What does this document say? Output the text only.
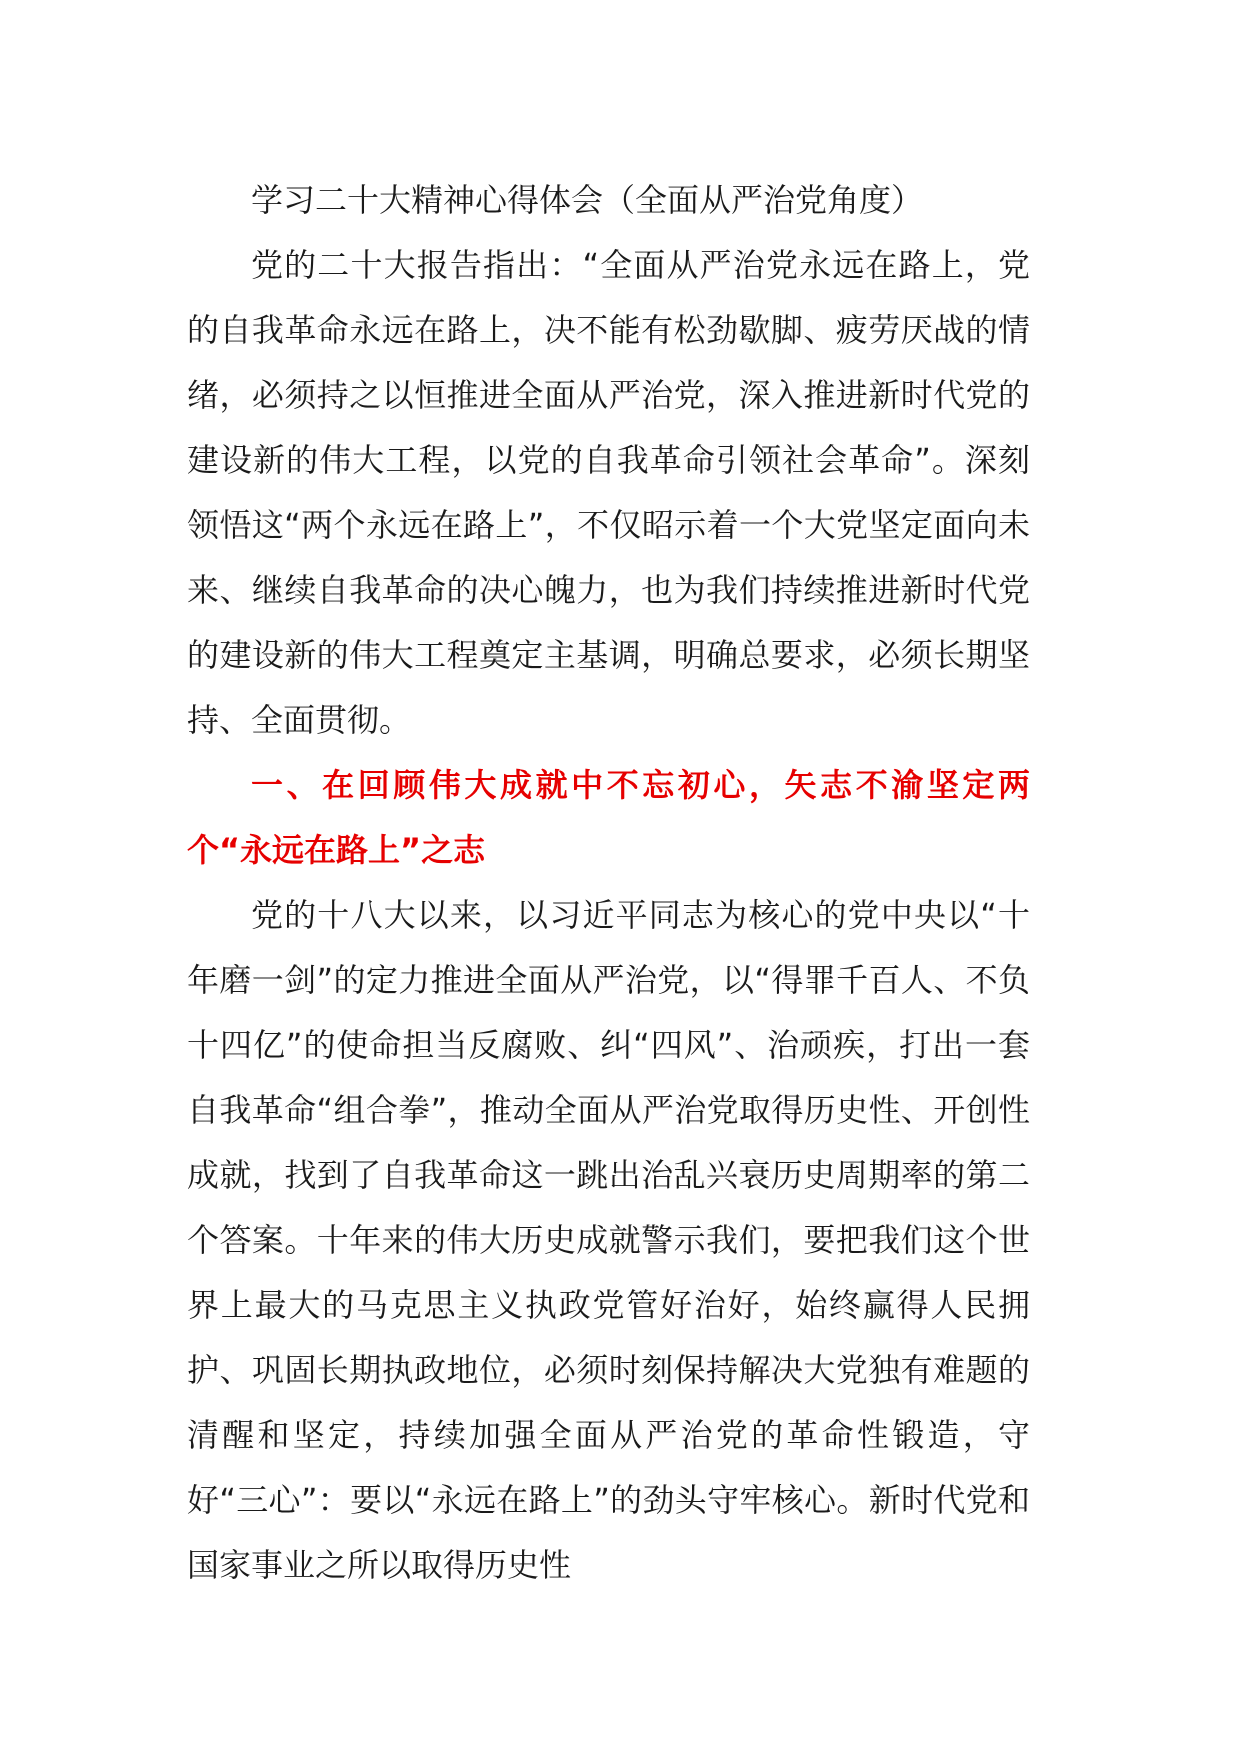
学习二十大精神心得体会（全面从严治党角度）

党的二十大报告指出：“全面从严治党永远在路上，党的自我革命永远在路上，决不能有松劲歇脚、疲劳厌战的情绪，必须持之以恒推进全面从严治党，深入推进新时代党的建设新的伟大工程，以党的自我革命引领社会革命”。深刻领悟这“两个永远在路上”，不仅昭示着一个大党坚定面向未来、继续自我革命的决心魄力，也为我们持续推进新时代党的建设新的伟大工程奠定主基调，明确总要求，必须长期坚持、全面贯彻。

一、在回顾伟大成就中不忘初心，矢志不渝坚定两个“永远在路上”之志

党的十八大以来，以习近平同志为核心的党中央以“十年磨一剑”的定力推进全面从严治党，以“得罪千百人、不负十四亿”的使命担当反腐败、纠“四风”、治顽疾，打出一套自我革命“组合拳”，推动全面从严治党取得历史性、开创性成就，找到了自我革命这一跳出治乱兴衰历史周期率的第二个答案。十年来的伟大历史成就警示我们，要把我们这个世界上最大的马克思主义执政党管好治好，始终赢得人民拥护、巩固长期执政地位，必须时刻保持解决大党独有难题的清醒和坚定，持续加强全面从严治党的革命性锻造，守好“三心”：要以“永远在路上”的劲头守牢核心。新时代党和国家事业之所以取得历史性
